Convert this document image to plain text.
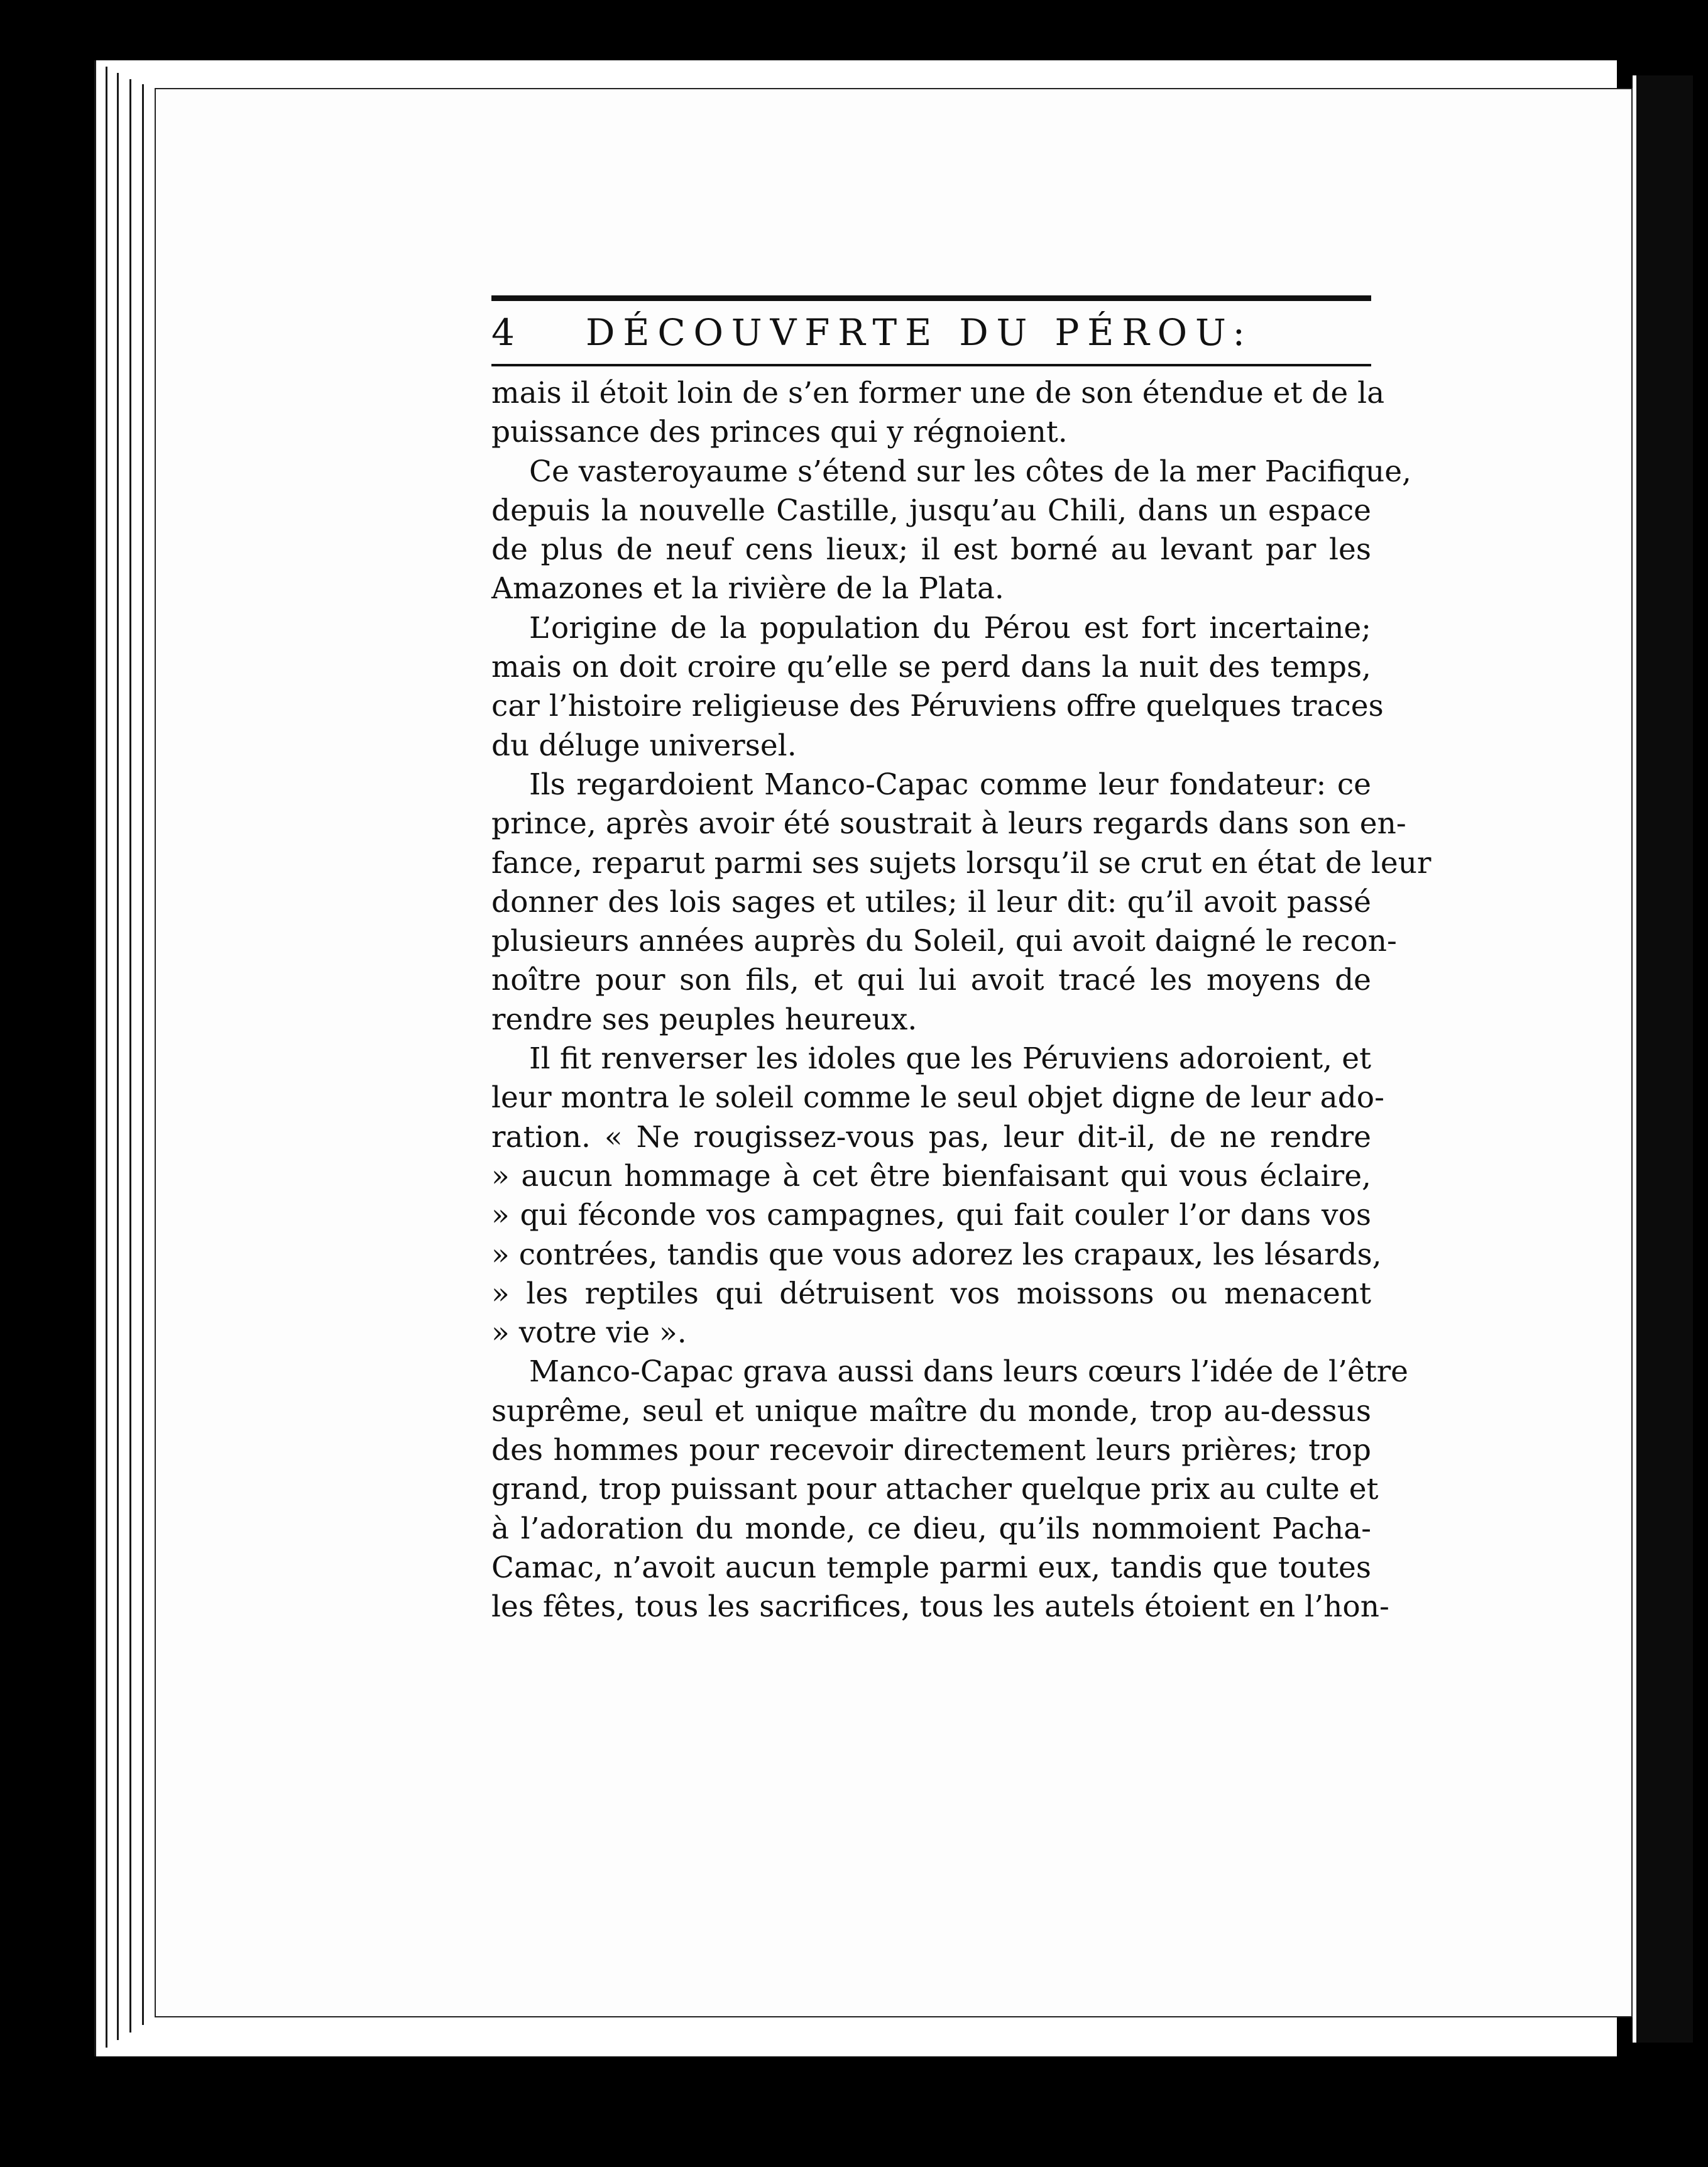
4	DÉCOUVFRTE DU PÉROU:
mais il étoit loin de s’en former une de son étendue et de la
puissance des princes qui y régnoient.
Ce vasteroyaume s’étend sur les côtes de la mer Pacifique,
depuis la nouvelle Castille, jusqu’au Chili, dans un espace
de plus de neuf cens lieux; il est borné au levant par les
Amazones et la rivière de la Plata.
L’origine de la population du Pérou est fort incertaine;
mais on doit croire qu’elle se perd dans la nuit des temps,
car l’histoire religieuse des Péruviens offre quelques traces
du déluge universel.
Ils regardoient Manco-Capac comme leur fondateur: ce
prince, après avoir été soustrait à leurs regards dans son en-
fance, reparut parmi ses sujets lorsqu’il se crut en état de leur
donner des lois sages et utiles; il leur dit: qu’il avoit passé
plusieurs années auprès du Soleil, qui avoit daigné le recon-
noître pour son fils, et qui lui avoit tracé les moyens de
rendre ses peuples heureux.
Il fit renverser les idoles que les Péruviens adoroient, et
leur montra le soleil comme le seul objet digne de leur ado-
ration. « Ne rougissez-vous pas, leur dit-il, de ne rendre
» aucun hommage à cet être bienfaisant qui vous éclaire,
» qui féconde vos campagnes, qui fait couler l’or dans vos
» contrées, tandis que vous adorez les crapaux, les lésards,
» les reptiles qui détruisent vos moissons ou menacent
» votre vie ».
Manco-Capac grava aussi dans leurs cœurs l’idée de l’être
suprême, seul et unique maître du monde, trop au-dessus
des hommes pour recevoir directement leurs prières; trop
grand, trop puissant pour attacher quelque prix au culte et
à l’adoration du monde, ce dieu, qu’ils nommoient Pacha-
Camac, n’avoit aucun temple parmi eux, tandis que toutes
les fêtes, tous les sacrifices, tous les autels étoient en l’hon-
